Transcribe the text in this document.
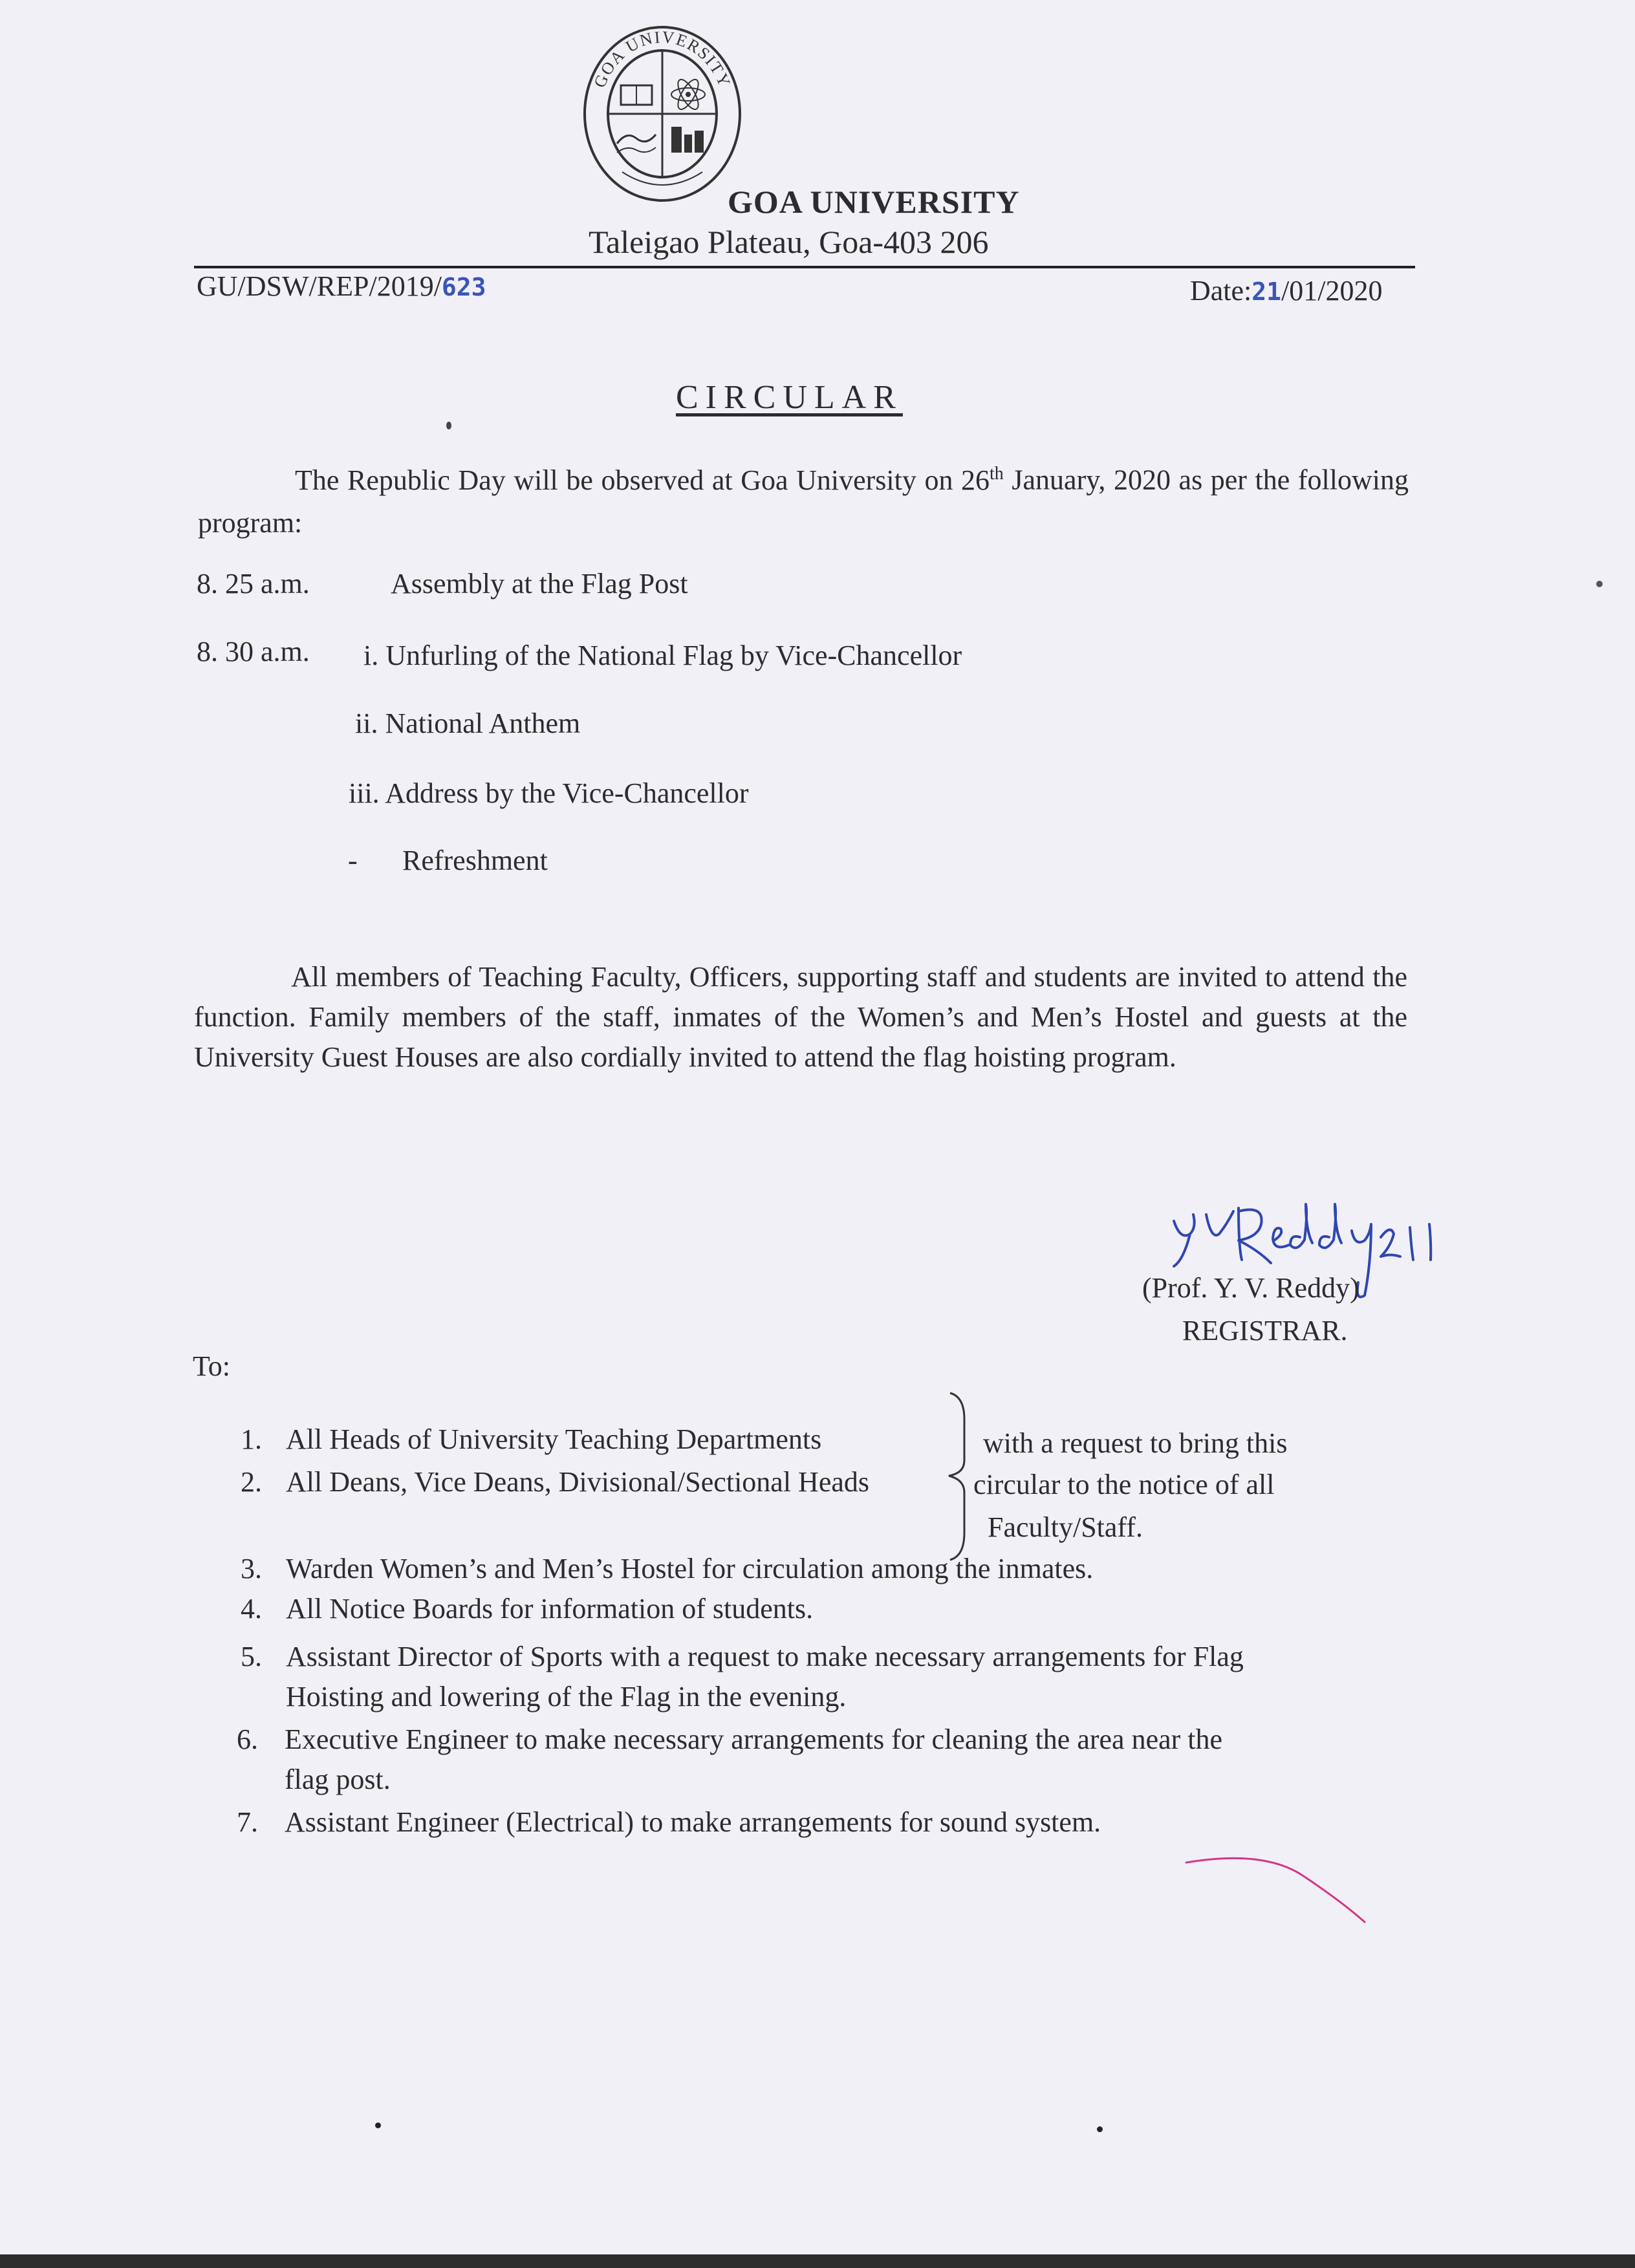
GOA UNIVERSITY
GOA UNIVERSITY
Taleigao Plateau, Goa-403 206
GU/DSW/REP/2019/623	Date:21/01/2020
CIRCULAR
The Republic Day will be observed at Goa University on 26th January, 2020 as per the following program:
8. 25 a.m.	Assembly at the Flag Post
8. 30 a.m. i. Unfurling of the National Flag by Vice-Chancellor
ii. National Anthem
iii. Address by the Vice-Chancellor
- Refreshment
All members of Teaching Faculty, Officers, supporting staff and students are invited to attend the function. Family members of the staff, inmates of the Women’s and Men’s Hostel and guests at the University Guest Houses are also cordially invited to attend the flag hoisting program.
(Prof. Y. V. Reddy)
REGISTRAR.
To:
1. All Heads of University Teaching Departments
2. All Deans, Vice Deans, Divisional/Sectional Heads
with a request to bring this
circular to the notice of all
Faculty/Staff.
3. Warden Women’s and Men’s Hostel for circulation among the inmates.
4. All Notice Boards for information of students.
5. Assistant Director of Sports with a request to make necessary arrangements for Flag
Hoisting and lowering of the Flag in the evening.
6. Executive Engineer to make necessary arrangements for cleaning the area near the
flag post.
7. Assistant Engineer (Electrical) to make arrangements for sound system.
